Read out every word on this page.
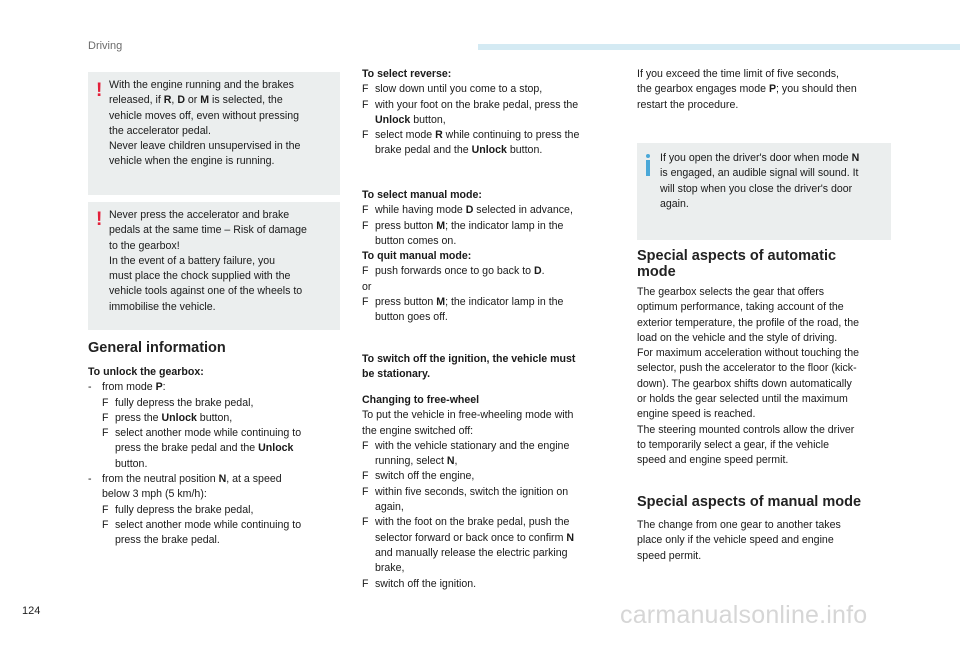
Driving
! With the engine running and the brakes

released, if R, D or M is selected, the

vehicle moves off, even without pressing

the accelerator pedal.

Never leave children unsupervised in the

vehicle when the engine is running.

! Never press the accelerator and brake

pedals at the same time – Risk of damage

to the gearbox!

In the event of a battery failure, you

must place the chock supplied with the

vehicle tools against one of the wheels to

immobilise the vehicle.

General information

To unlock the gearbox:

- from mode P:
F fully depress the brake pedal,
F press the Unlock button,
F select another mode while continuing to
press the brake pedal and the Unlock
button.
- from the neutral position N, at a speed
below 3 mph (5 km/h):
F fully depress the brake pedal,
F select another mode while continuing to
press the brake pedal.

To select reverse:

F slow down until you come to a stop,
F with your foot on the brake pedal, press the
Unlock button,
F select mode R while continuing to press the
brake pedal and the Unlock button.

To select manual mode:

F while having mode D selected in advance,
F press button M; the indicator lamp in the
button comes on.

To quit manual mode:

F push forwards once to go back to D.

or

F press button M; the indicator lamp in the
button goes off.

To switch off the ignition, the vehicle must

be stationary.

Changing to free-wheel

To put the vehicle in free-wheeling mode with

the engine switched off:

F with the vehicle stationary and the engine
running, select N,
F switch off the engine,
F within five seconds, switch the ignition on
again,
F with the foot on the brake pedal, push the
selector forward or back once to confirm N
and manually release the electric parking
brake,
F switch off the ignition.

If you exceed the time limit of five seconds,

the gearbox engages mode P; you should then

restart the procedure.

If you open the driver's door when mode N

is engaged, an audible signal will sound. It

will stop when you close the driver's door

again.

Special aspects of automatic
mode

The gearbox selects the gear that offers

optimum performance, taking account of the

exterior temperature, the profile of the road, the

load on the vehicle and the style of driving.

For maximum acceleration without touching the

selector, push the accelerator to the floor (kick-

down). The gearbox shifts down automatically

or holds the gear selected until the maximum

engine speed is reached.

The steering mounted controls allow the driver

to temporarily select a gear, if the vehicle

speed and engine speed permit.

Special aspects of manual mode

The change from one gear to another takes

place only if the vehicle speed and engine

speed permit.

124	carmanualsonline.info
